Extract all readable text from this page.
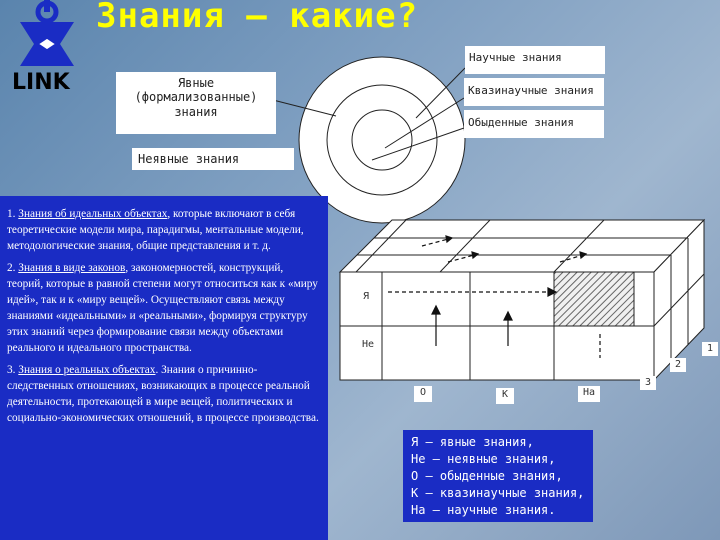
LINK

Знания – какие?
Явные
(формализованные)
знания
Неявные знания
Научные знания
Квазинаучные знания
Обыденные знания

1. Знания об идеальных объектах, которые включают в себя теоретические модели мира, парадигмы, ментальные модели, методологические знания, общие представления и т. д.

2. Знания в виде законов, закономерностей, конструкций, теорий, которые в равной степени могут относиться как к «миру идей», так и к «миру вещей». Осуществляют связь между знаниями «идеальными» и «реальными», формируя структуру этих знаний через формирование связи между объектами реального и идеального пространства.

3. Знания о реальных объектах. Знания о причинно-следственных отношениях, возникающих в процессе реальной деятельности, протекающей в мире вещей, политических и социально-экономических отношений, в процессе производства.

Я
Не
О	К	На
1
2
3
Я – явные знания,
Не – неявные знания,
О – обыденные знания,
К – квазинаучные знания,
На – научные знания.
